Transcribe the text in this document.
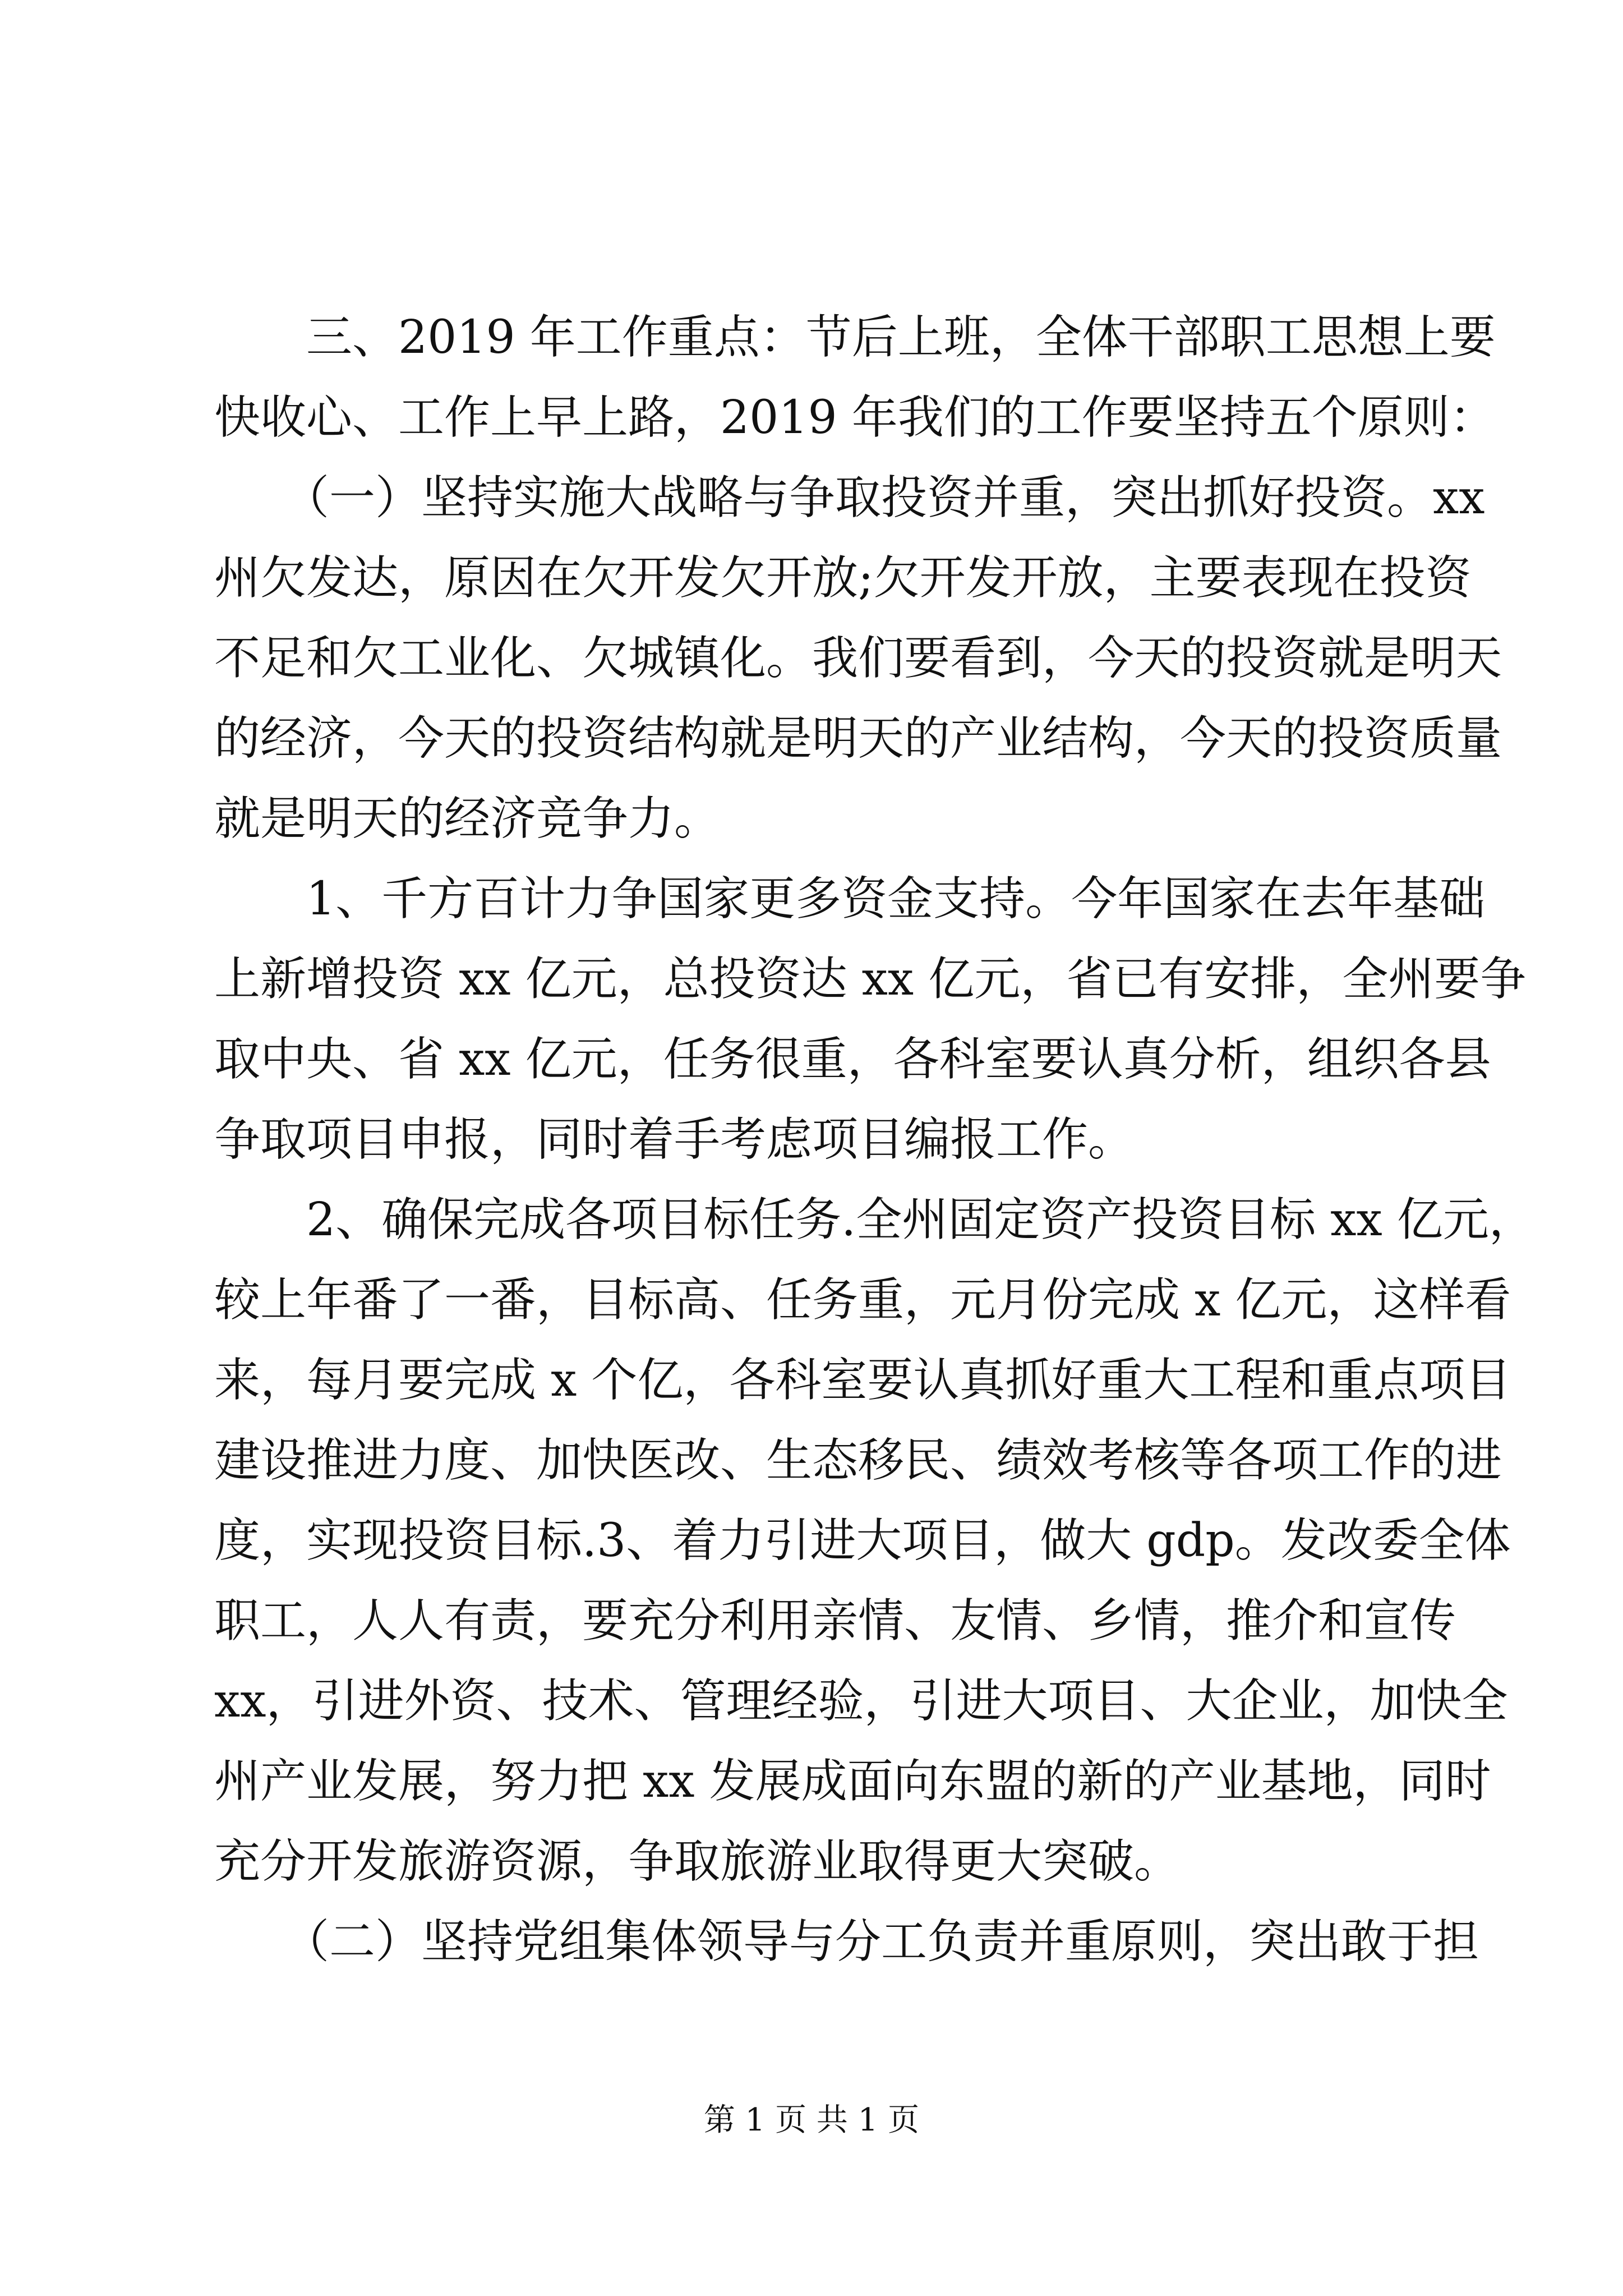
　　三、2019 年工作重点：节后上班，全体干部职工思想上要
快收心、工作上早上路，2019 年我们的工作要坚持五个原则：
　　（一）坚持实施大战略与争取投资并重，突出抓好投资。xx
州欠发达，原因在欠开发欠开放;欠开发开放，主要表现在投资
不足和欠工业化、欠城镇化。我们要看到，今天的投资就是明天
的经济，今天的投资结构就是明天的产业结构，今天的投资质量
就是明天的经济竞争力。
　　1、千方百计力争国家更多资金支持。今年国家在去年基础
上新增投资 xx 亿元，总投资达 xx 亿元，省已有安排，全州要争
取中央、省 xx 亿元，任务很重，各科室要认真分析，组织各县
争取项目申报，同时着手考虑项目编报工作。
　　2、确保完成各项目标任务.全州固定资产投资目标 xx 亿元，
较上年番了一番，目标高、任务重，元月份完成 x 亿元，这样看
来，每月要完成 x 个亿，各科室要认真抓好重大工程和重点项目
建设推进力度、加快医改、生态移民、绩效考核等各项工作的进
度，实现投资目标.3、着力引进大项目，做大 gdp。发改委全体
职工，人人有责，要充分利用亲情、友情、乡情，推介和宣传
xx，引进外资、技术、管理经验，引进大项目、大企业，加快全
州产业发展，努力把 xx 发展成面向东盟的新的产业基地，同时
充分开发旅游资源，争取旅游业取得更大突破。
　　（二）坚持党组集体领导与分工负责并重原则，突出敢于担
第 1 页 共 1 页
